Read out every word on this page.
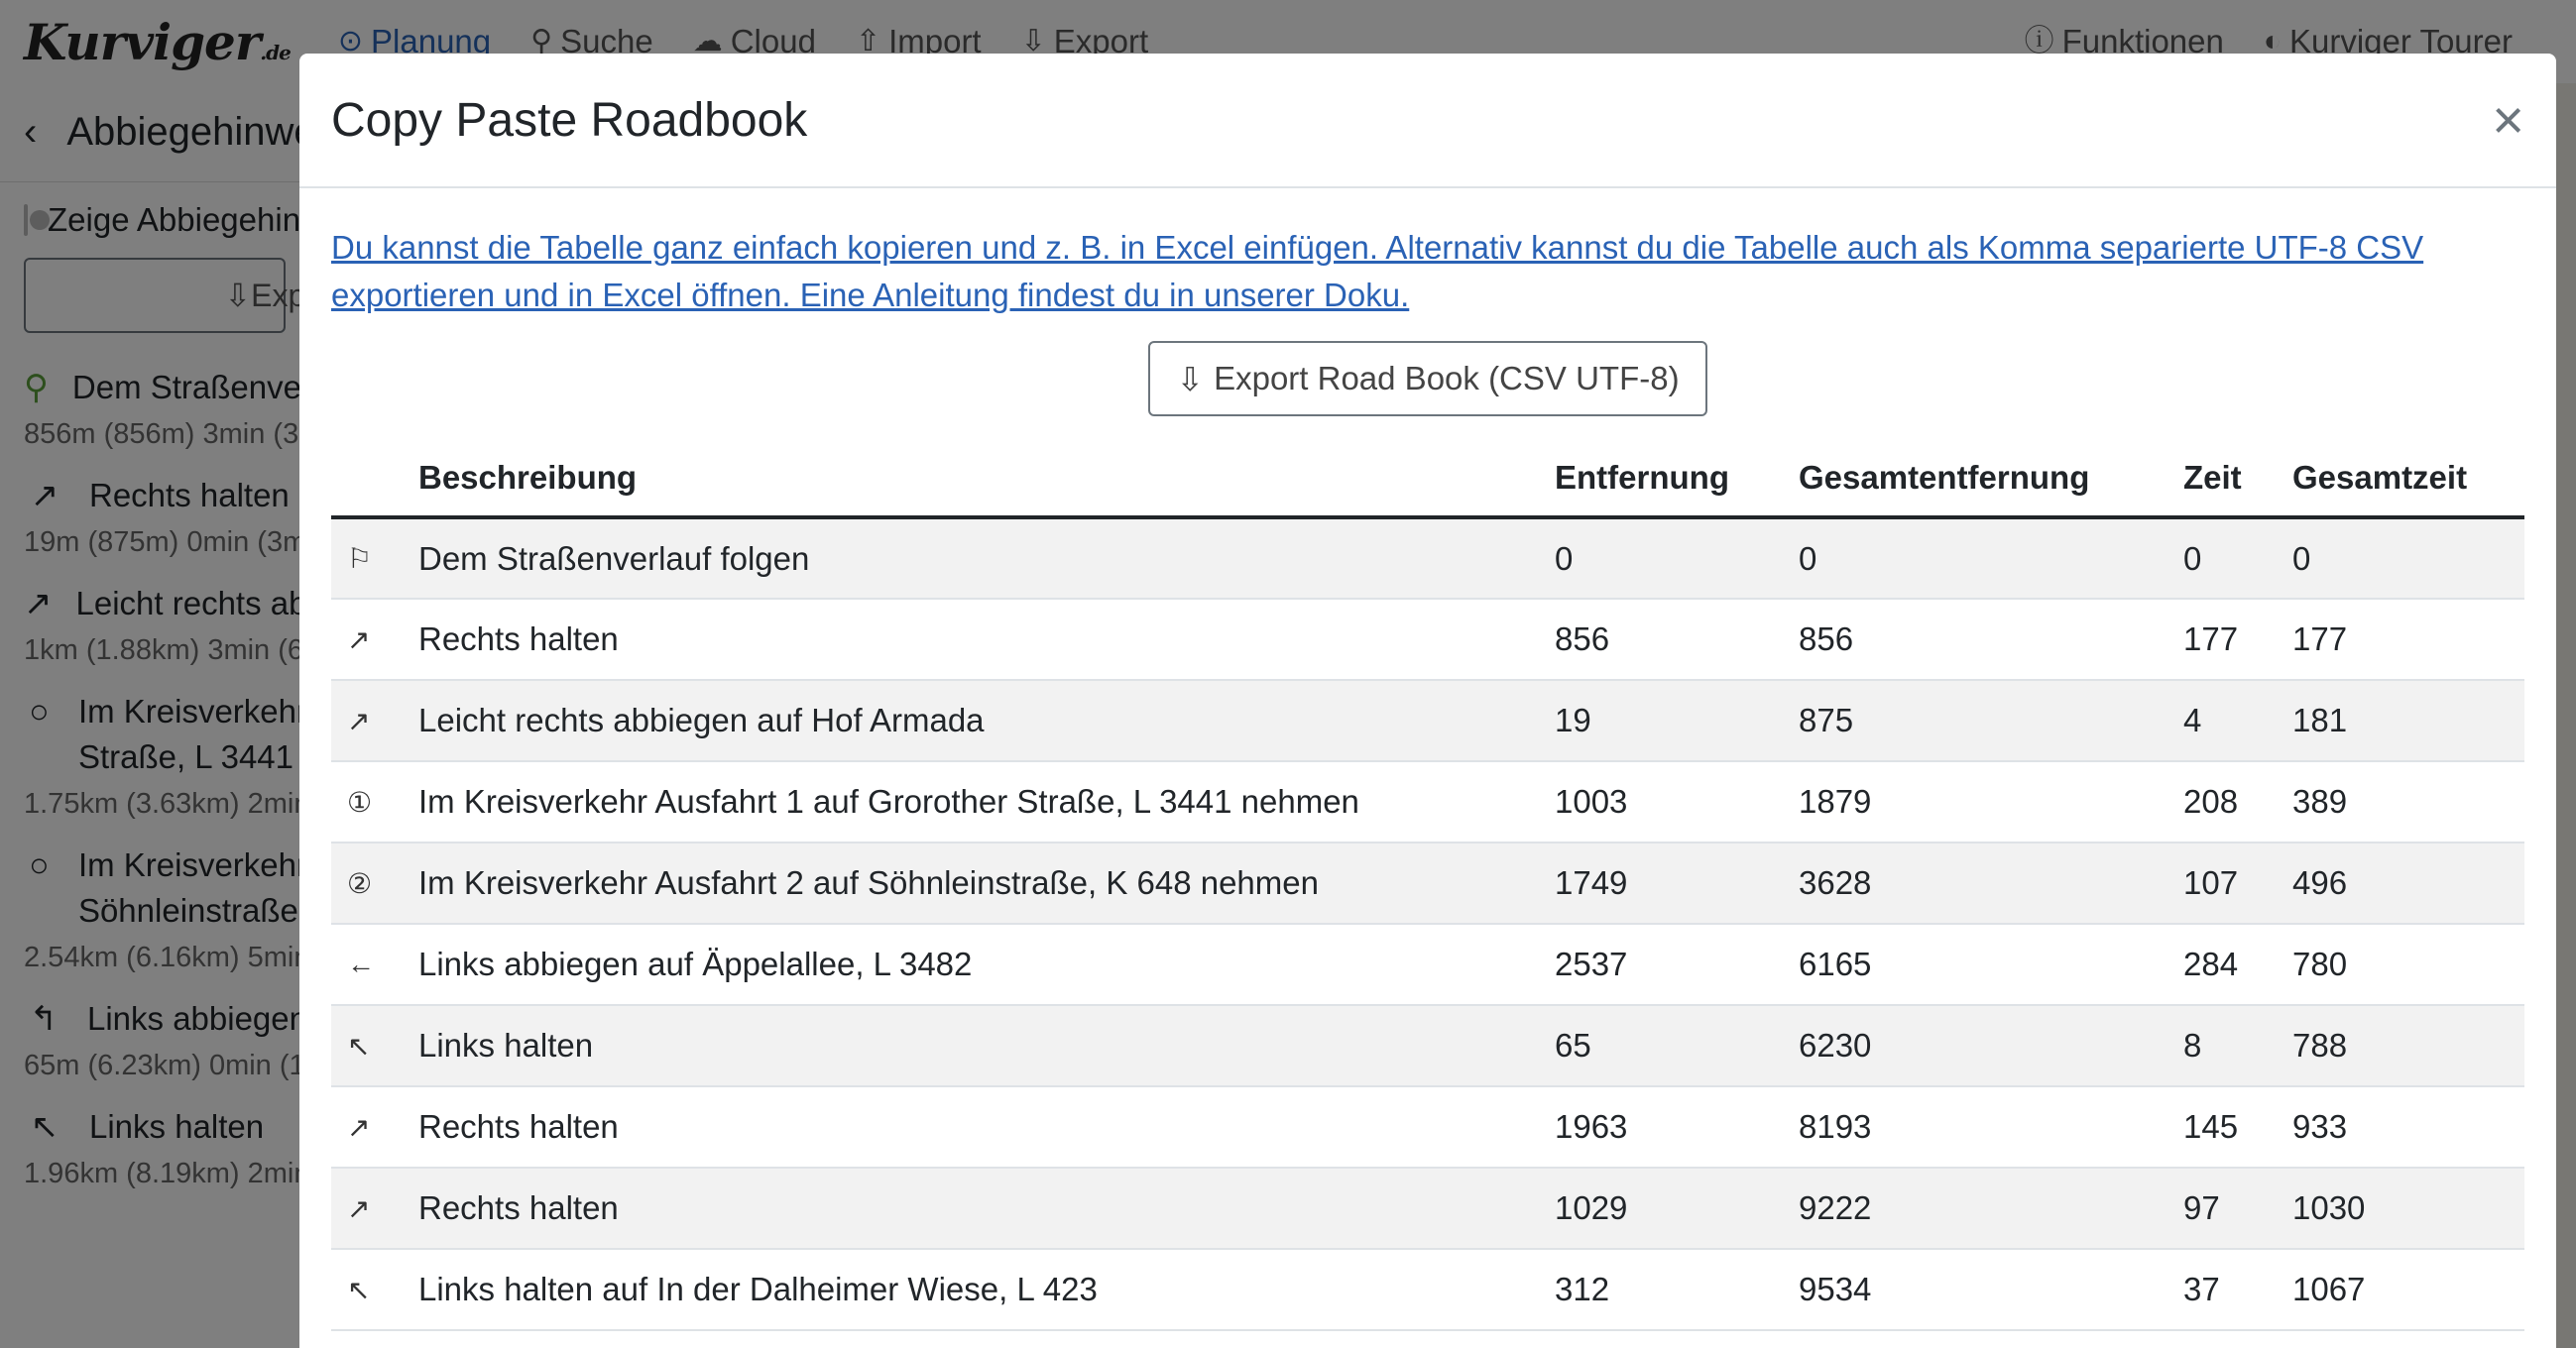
Copy Paste Roadbook	×
Du kannst die Tabelle ganz einfach kopieren und z. B. in Excel einfügen. Alternativ kannst du die Tabelle auch als Komma separierte UTF-8 CSV exportieren und in Excel öffnen. Eine Anleitung findest du in unserer Doku.
⇩ Export Road Book (CSV UTF-8)
	Beschreibung	Entfernung	Gesamtentfernung	Zeit	Gesamtzeit
⚐	Dem Straßenverlauf folgen	0	0	0	0
↗	Rechts halten	856	856	177	177
↗	Leicht rechts abbiegen auf Hof Armada	19	875	4	181
①	Im Kreisverkehr Ausfahrt 1 auf Grorother Straße, L 3441 nehmen	1003	1879	208	389
②	Im Kreisverkehr Ausfahrt 2 auf Söhnleinstraße, K 648 nehmen	1749	3628	107	496
←	Links abbiegen auf Äppelallee, L 3482	2537	6165	284	780
↖	Links halten	65	6230	8	788
↗	Rechts halten	1963	8193	145	933
↗	Rechts halten	1029	9222	97	1030
↖	Links halten auf In der Dalheimer Wiese, L 423	312	9534	37	1067
